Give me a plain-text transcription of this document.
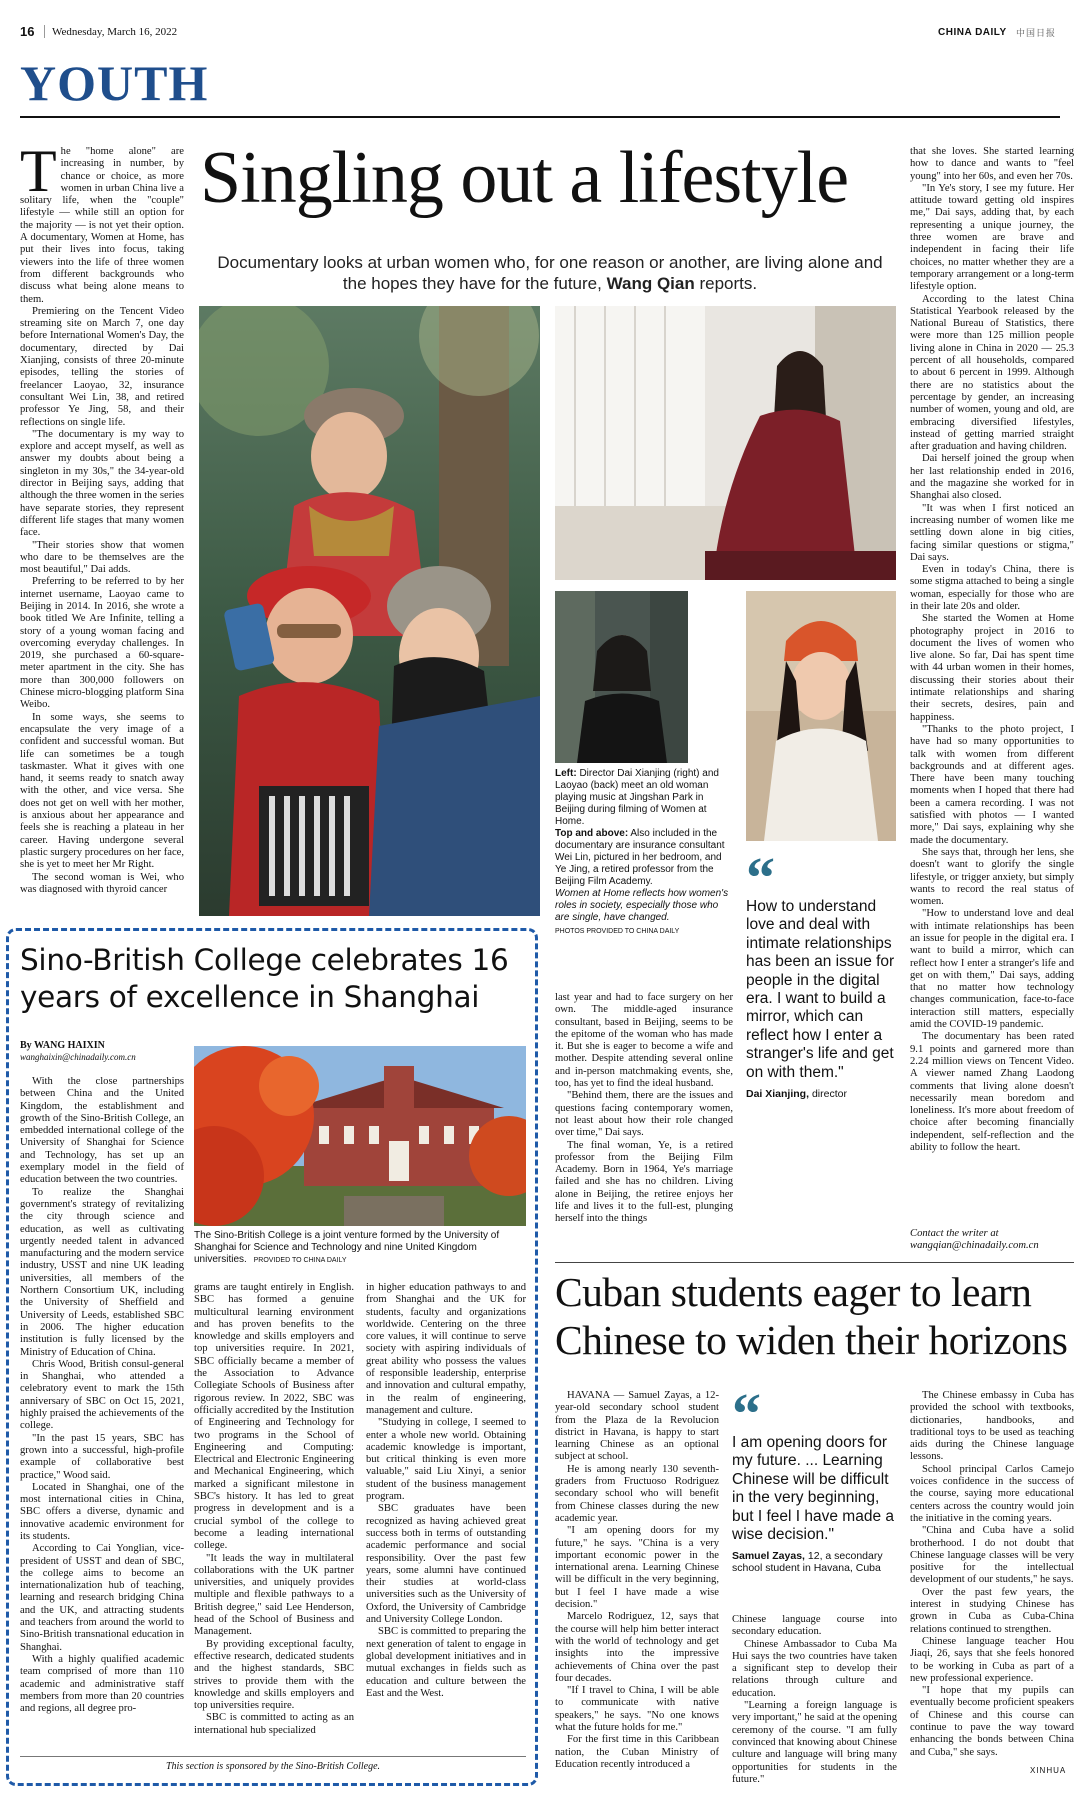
16 Wednesday, March 16, 2022	CHINA DAILY 中国日报
YOUTH
Singling out a lifestyle
Documentary looks at urban women who, for one reason or another, are living alone and the hopes they have for the future, Wang Qian reports.
T he "home alone" are increasing in number, by chance or choice, as more women in urban China live a solitary life, when the "couple" lifestyle — while still an option for the majority — is not yet their option. A documentary, Women at Home, has put their lives into focus, taking viewers into the life of three women from different backgrounds who discuss what being alone means to them.

Premiering on the Tencent Video streaming site on March 7, one day before International Women's Day, the documentary, directed by Dai Xianjing, consists of three 20-minute episodes, telling the stories of freelancer Laoyao, 32, insurance consultant Wei Lin, 38, and retired professor Ye Jing, 58, and their reflections on single life.

"The documentary is my way to explore and accept myself, as well as answer my doubts about being a singleton in my 30s," the 34-year-old director in Beijing says, adding that although the three women in the series have separate stories, they represent different life stages that many women face.

"Their stories show that women who dare to be themselves are the most beautiful," Dai adds.

Preferring to be referred to by her internet username, Laoyao came to Beijing in 2014. In 2016, she wrote a book titled We Are Infinite, telling a story of a young woman facing and overcoming everyday challenges. In 2019, she purchased a 60-square-meter apartment in the city. She has more than 300,000 followers on Chinese micro-blogging platform Sina Weibo.

In some ways, she seems to encapsulate the very image of a confident and successful woman. But life can sometimes be a tough taskmaster. What it gives with one hand, it seems ready to snatch away with the other, and vice versa. She does not get on well with her mother, is anxious about her appearance and feels she is reaching a plateau in her career. Having undergone several plastic surgery procedures on her face, she is yet to meet her Mr Right.

The second woman is Wei, who was diagnosed with thyroid cancer

Left: Director Dai Xianjing (right) and Laoyao (back) meet an old woman playing music at Jingshan Park in Beijing during filming of Women at Home.
Top and above: Also included in the documentary are insurance consultant Wei Lin, pictured in her bedroom, and Ye Jing, a retired professor from the Beijing Film Academy.
Women at Home reflects how women's roles in society, especially those who are single, have changed.
PHOTOS PROVIDED TO CHINA DAILY

last year and had to face surgery on her own. The middle-aged insurance consultant, based in Beijing, seems to be the epitome of the woman who has made it. But she is eager to become a wife and mother. Despite attending several online and in-person matchmaking events, she, too, has yet to find the ideal husband.

"Behind them, there are the issues and questions facing contemporary women, not least about how their role changed over time," Dai says.

The final woman, Ye, is a retired professor from the Beijing Film Academy. Born in 1964, Ye's marriage failed and she has no children. Living alone in Beijing, the retiree enjoys her life and lives it to the full-est, plunging herself into the things

“
How to understand love and deal with intimate relationships has been an issue for people in the digital era. I want to build a mirror, which can reflect how I enter a stranger's life and get on with them."
Dai Xianjing, director

that she loves. She started learning how to dance and wants to "feel young" into her 60s, and even her 70s.

"In Ye's story, I see my future. Her attitude toward getting old inspires me," Dai says, adding that, by each representing a unique journey, the three women are brave and independent in facing their life choices, no matter whether they are a temporary arrangement or a long-term lifestyle option.

According to the latest China Statistical Yearbook released by the National Bureau of Statistics, there were more than 125 million people living alone in China in 2020 — 25.3 percent of all households, compared to about 6 percent in 1999. Although there are no statistics about the percentage by gender, an increasing number of women, young and old, are embracing diversified lifestyles, instead of getting married straight after graduation and having children.

Dai herself joined the group when her last relationship ended in 2016, and the magazine she worked for in Shanghai also closed.

"It was when I first noticed an increasing number of women like me settling down alone in big cities, facing similar questions or stigma," Dai says.

Even in today's China, there is some stigma attached to being a single woman, especially for those who are in their late 20s and older.

She started the Women at Home photography project in 2016 to document the lives of women who live alone. So far, Dai has spent time with 44 urban women in their homes, discussing their stories about their intimate relationships and sharing their secrets, desires, pain and happiness.

"Thanks to the photo project, I have had so many opportunities to talk with women from different backgrounds and at different ages. There have been many touching moments when I hoped that there had been a camera recording. I was not satisfied with photos — I wanted more," Dai says, explaining why she made the documentary.

She says that, through her lens, she doesn't want to glorify the single lifestyle, or trigger anxiety, but simply wants to record the real status of women.

"How to understand love and deal with intimate relationships has been an issue for people in the digital era. I want to build a mirror, which can reflect how I enter a stranger's life and get on with them," Dai says, adding that no matter how technology changes communication, face-to-face interaction still matters, especially amid the COVID-19 pandemic.

The documentary has been rated 9.1 points and garnered more than 2.24 million views on Tencent Video. A viewer named Zhang Laodong comments that living alone doesn't necessarily mean boredom and loneliness. It's more about freedom of choice after becoming financially independent, self-reflection and the ability to follow the heart.

Contact the writer at
wangqian@chinadaily.com.cn
Sino-British College celebrates 16 years of excellence in Shanghai
By WANG HAIXIN
wanghaixin@chinadaily.com.cn

With the close partnerships between China and the United Kingdom, the establishment and growth of the Sino-British College, an embedded international college of the University of Shanghai for Science and Technology, has set up an exemplary model in the field of education between the two countries.

To realize the Shanghai government's strategy of revitalizing the city through science and education, as well as cultivating urgently needed talent in advanced manufacturing and the modern service industry, USST and nine UK leading universities, all members of the Northern Consortium UK, including the University of Sheffield and University of Leeds, established SBC in 2006. The higher education institution is fully licensed by the Ministry of Education of China.

Chris Wood, British consul-general in Shanghai, who attended a celebratory event to mark the 15th anniversary of SBC on Oct 15, 2021, highly praised the achievements of the college.

"In the past 15 years, SBC has grown into a successful, high-profile example of collaborative best practice," Wood said.

Located in Shanghai, one of the most international cities in China, SBC offers a diverse, dynamic and innovative academic environment for its students.

According to Cai Yonglian, vice-president of USST and dean of SBC, the college aims to become an internationalization hub of teaching, learning and research bridging China and the UK, and attracting students and teachers from around the world to Sino-British transnational education in Shanghai.

With a highly qualified academic team comprised of more than 110 academic and administrative staff members from more than 20 countries and regions, all degree pro-

The Sino-British College is a joint venture formed by the University of Shanghai for Science and Technology and nine United Kingdom universities. PROVIDED TO CHINA DAILY

grams are taught entirely in English. SBC has formed a genuine multicultural learning environment and has proven benefits to the knowledge and skills employers and top universities require. In 2021, SBC officially became a member of the Association to Advance Collegiate Schools of Business after rigorous review. In 2022, SBC was officially accredited by the Institution of Engineering and Technology for two programs in the School of Engineering and Computing: Electrical and Electronic Engineering and Mechanical Engineering, which marked a significant milestone in SBC's history. It has led to great progress in development and is a crucial symbol of the college to become a leading international college.

"It leads the way in multilateral collaborations with the UK partner universities, and uniquely provides multiple and flexible pathways to a British degree," said Lee Henderson, head of the School of Business and Management.

By providing exceptional faculty, effective research, dedicated students and the highest standards, SBC strives to provide them with the knowledge and skills employers and top universities require.

SBC is committed to acting as an international hub specialized

in higher education pathways to and from Shanghai and the UK for students, faculty and organizations worldwide. Centering on the three core values, it will continue to serve society with aspiring individuals of great ability who possess the values of responsible leadership, enterprise and innovation and cultural empathy, in the realm of engineering, management and culture.

"Studying in college, I seemed to enter a whole new world. Obtaining academic knowledge is important, but critical thinking is even more valuable," said Liu Xinyi, a senior student of the business management program.

SBC graduates have been recognized as having achieved great success both in terms of outstanding academic performance and social responsibility. Over the past few years, some alumni have continued their studies at world-class universities such as the University of Oxford, the University of Cambridge and University College London.

SBC is committed to preparing the next generation of talent to engage in global development initiatives and in mutual exchanges in fields such as education and culture between the East and the West.

This section is sponsored by the Sino-British College.
Cuban students eager to learn Chinese to widen their horizons

HAVANA — Samuel Zayas, a 12-year-old secondary school student from the Plaza de la Revolucion district in Havana, is happy to start learning Chinese as an optional subject at school.

He is among nearly 130 seventh-graders from Fructuoso Rodriguez secondary school who will benefit from Chinese classes during the new academic year.

"I am opening doors for my future," he says. "China is a very important economic power in the international arena. Learning Chinese will be difficult in the very beginning, but I feel I have made a wise decision."

Marcelo Rodriguez, 12, says that the course will help him better interact with the world of technology and get insights into the impressive achievements of China over the past four decades.

"If I travel to China, I will be able to communicate with native speakers," he says. "No one knows what the future holds for me."

For the first time in this Caribbean nation, the Cuban Ministry of Education recently introduced a

“
I am opening doors for my future. ... Learning Chinese will be difficult in the very beginning, but I feel I have made a wise decision."
Samuel Zayas, 12, a secondary school student in Havana, Cuba

Chinese language course into secondary education.

Chinese Ambassador to Cuba Ma Hui says the two countries have taken a significant step to develop their relations through culture and education.

"Learning a foreign language is very important," he said at the opening ceremony of the course. "I am fully convinced that knowing about Chinese culture and language will bring many opportunities for students in the future."

The Chinese embassy in Cuba has provided the school with textbooks, dictionaries, handbooks, and traditional toys to be used as teaching aids during the Chinese language lessons.

School principal Carlos Camejo voices confidence in the success of the course, saying more educational centers across the country would join the initiative in the coming years.

"China and Cuba have a solid brotherhood. I do not doubt that Chinese language classes will be very positive for the intellectual development of our students," he says.

Over the past few years, the interest in studying Chinese has grown in Cuba as Cuba-China relations continued to strengthen.

Chinese language teacher Hou Jiaqi, 26, says that she feels honored to be working in Cuba as part of a new professional experience.

"I hope that my pupils can eventually become proficient speakers of Chinese and this course can continue to pave the way toward enhancing the bonds between China and Cuba," she says.

XINHUA
